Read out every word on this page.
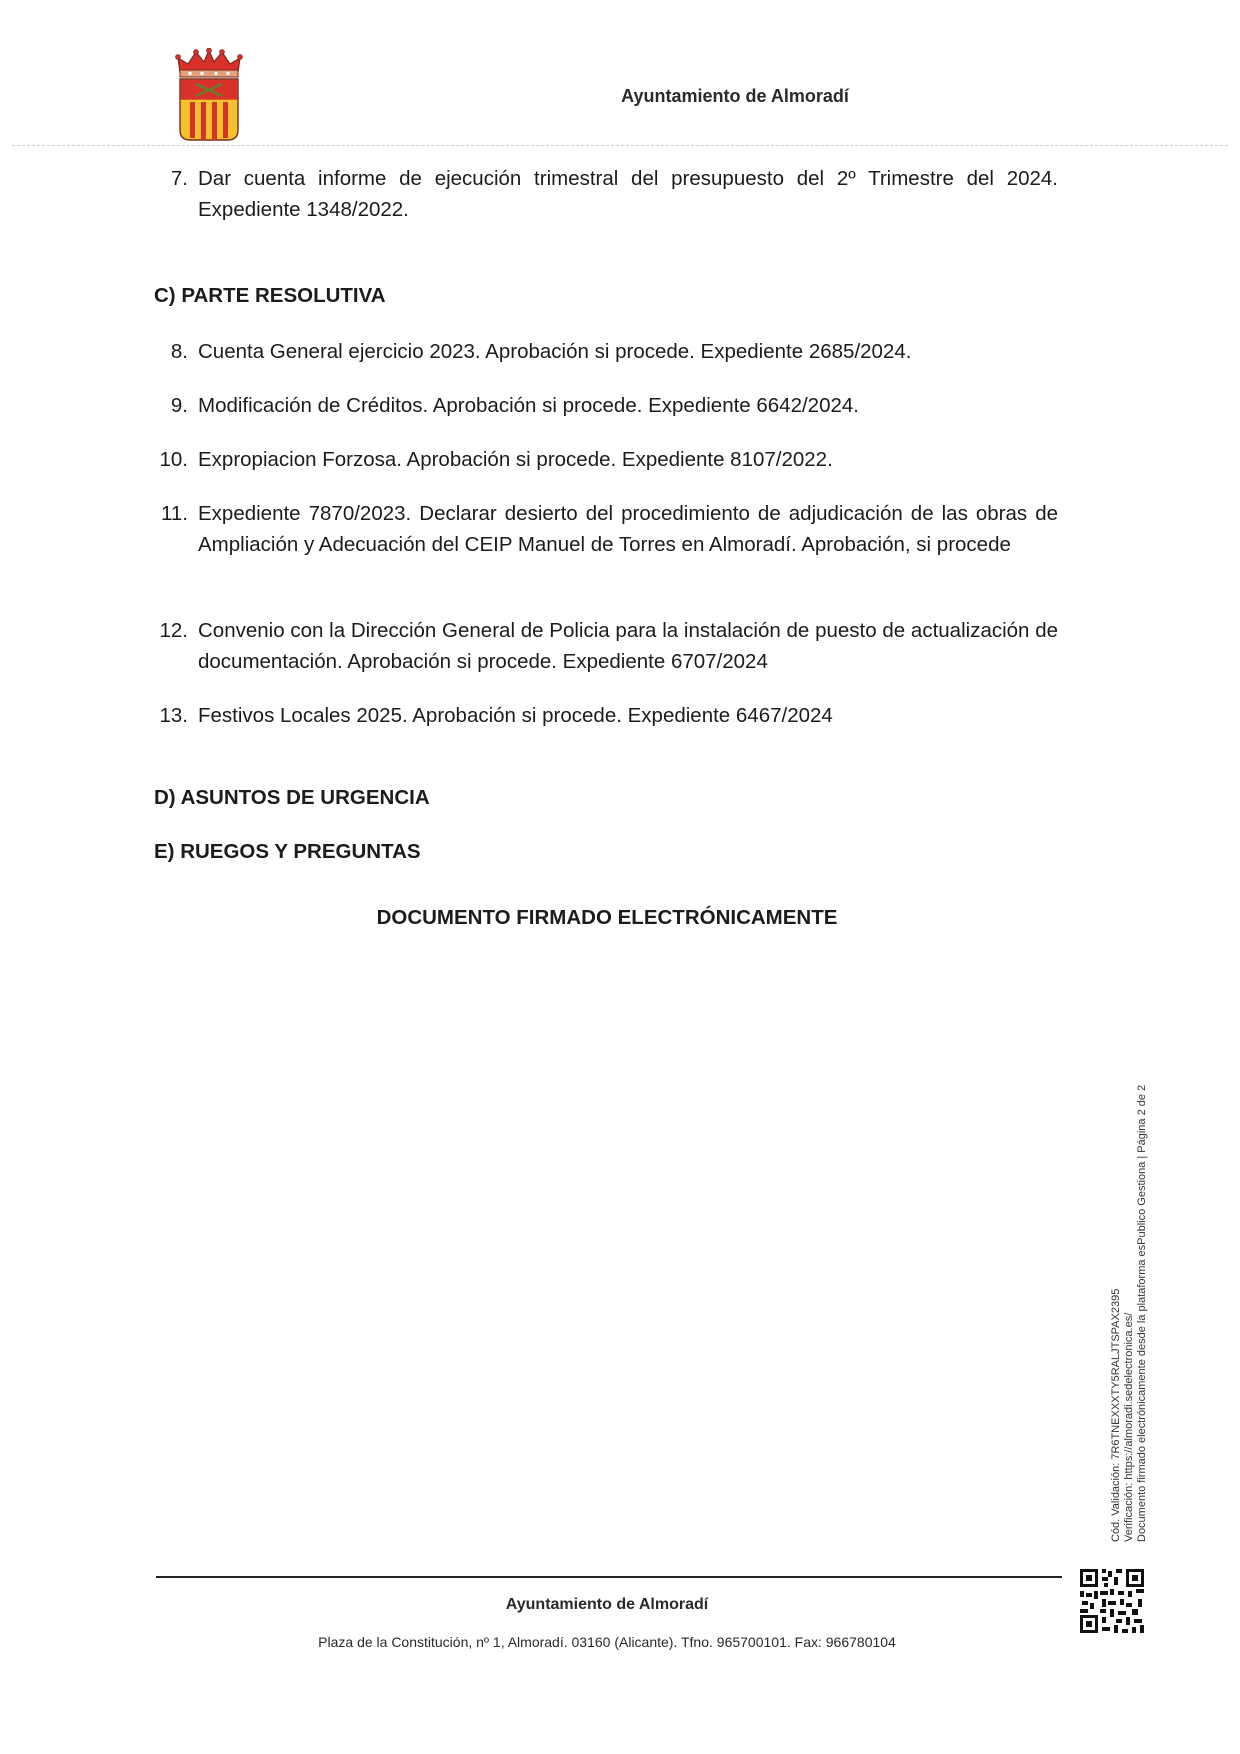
Ayuntamiento de Almoradí
7. Dar cuenta informe de ejecución trimestral del presupuesto del 2º Trimestre del 2024. Expediente 1348/2022.
C) PARTE RESOLUTIVA
8. Cuenta General ejercicio 2023. Aprobación si procede. Expediente 2685/2024.
9. Modificación de Créditos. Aprobación si procede. Expediente 6642/2024.
10. Expropiacion Forzosa. Aprobación si procede. Expediente 8107/2022.
11. Expediente 7870/2023. Declarar desierto del procedimiento de adjudicación de las obras de Ampliación y Adecuación del CEIP Manuel de Torres en Almoradí. Aprobación, si procede
12. Convenio con la Dirección General de Policia para la instalación de puesto de actualización de documentación. Aprobación si procede. Expediente 6707/2024
13. Festivos Locales 2025. Aprobación si procede. Expediente 6467/2024
D) ASUNTOS DE URGENCIA
E) RUEGOS Y PREGUNTAS
DOCUMENTO FIRMADO ELECTRÓNICAMENTE
Cód. Validación: 7R6TNEXXXTY5RALJTSPAX2395 Verificación: https://almoradi.sedelectronica.es/ Documento firmado electrónicamente desde la plataforma esPublico Gestiona | Página 2 de 2
Ayuntamiento de Almoradí
Plaza de la Constitución, nº 1, Almoradí. 03160 (Alicante). Tfno. 965700101. Fax: 966780104
